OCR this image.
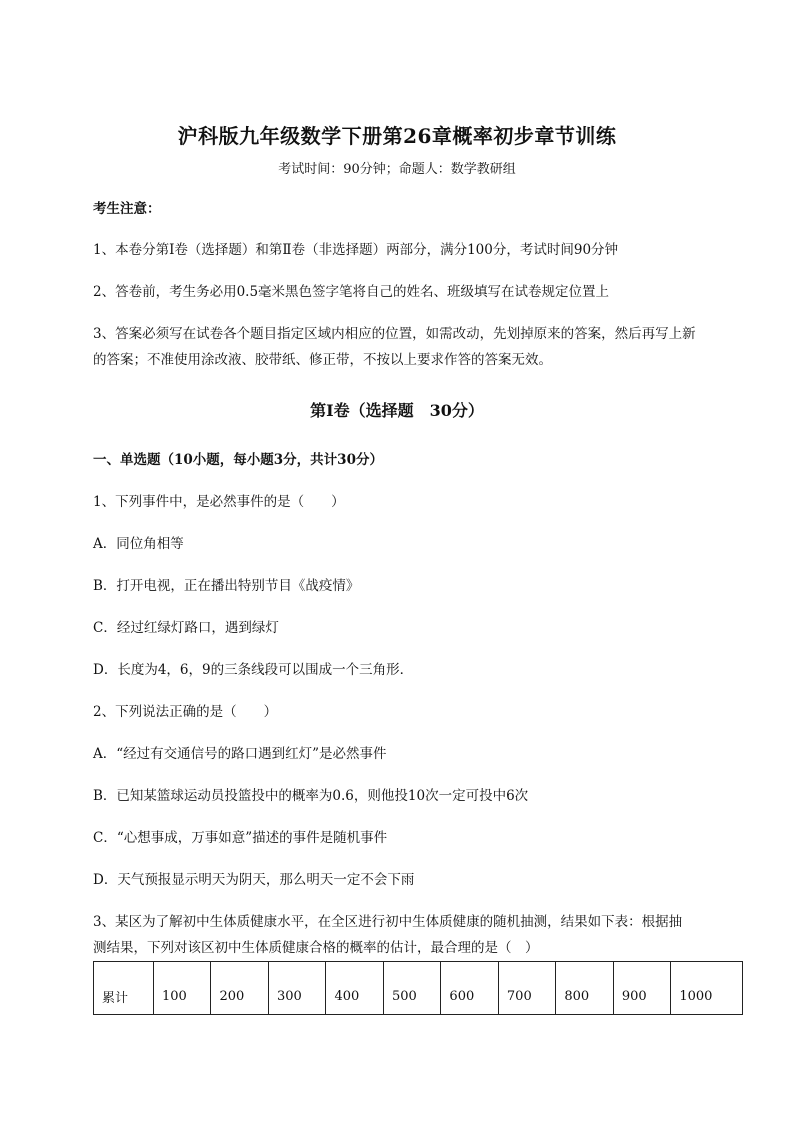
沪科版九年级数学下册第26章概率初步章节训练
考试时间：90分钟；命题人：数学教研组
考生注意：
1、本卷分第I卷（选择题）和第Ⅱ卷（非选择题）两部分，满分100分，考试时间90分钟
2、答卷前，考生务必用0.5毫米黑色签字笔将自己的姓名、班级填写在试卷规定位置上
3、答案必须写在试卷各个题目指定区域内相应的位置，如需改动，先划掉原来的答案，然后再写上新
的答案；不准使用涂改液、胶带纸、修正带，不按以上要求作答的答案无效。
第I卷（选择题　30分）
一、单选题（10小题，每小题3分，共计30分）
1、下列事件中，是必然事件的是（　　）
A．同位角相等
B．打开电视，正在播出特别节目《战疫情》
C．经过红绿灯路口，遇到绿灯
D．长度为4，6，9的三条线段可以围成一个三角形．
2、下列说法正确的是（　　）
A．“经过有交通信号的路口遇到红灯”是必然事件
B．已知某篮球运动员投篮投中的概率为0.6，则他投10次一定可投中6次
C．“心想事成，万事如意”描述的事件是随机事件
D．天气预报显示明天为阴天，那么明天一定不会下雨
3、某区为了解初中生体质健康水平，在全区进行初中生体质健康的随机抽测，结果如下表：根据抽
测结果，下列对该区初中生体质健康合格的概率的估计，最合理的是（　）
累计	100	200	300	400	500	600	700	800	900	1000
